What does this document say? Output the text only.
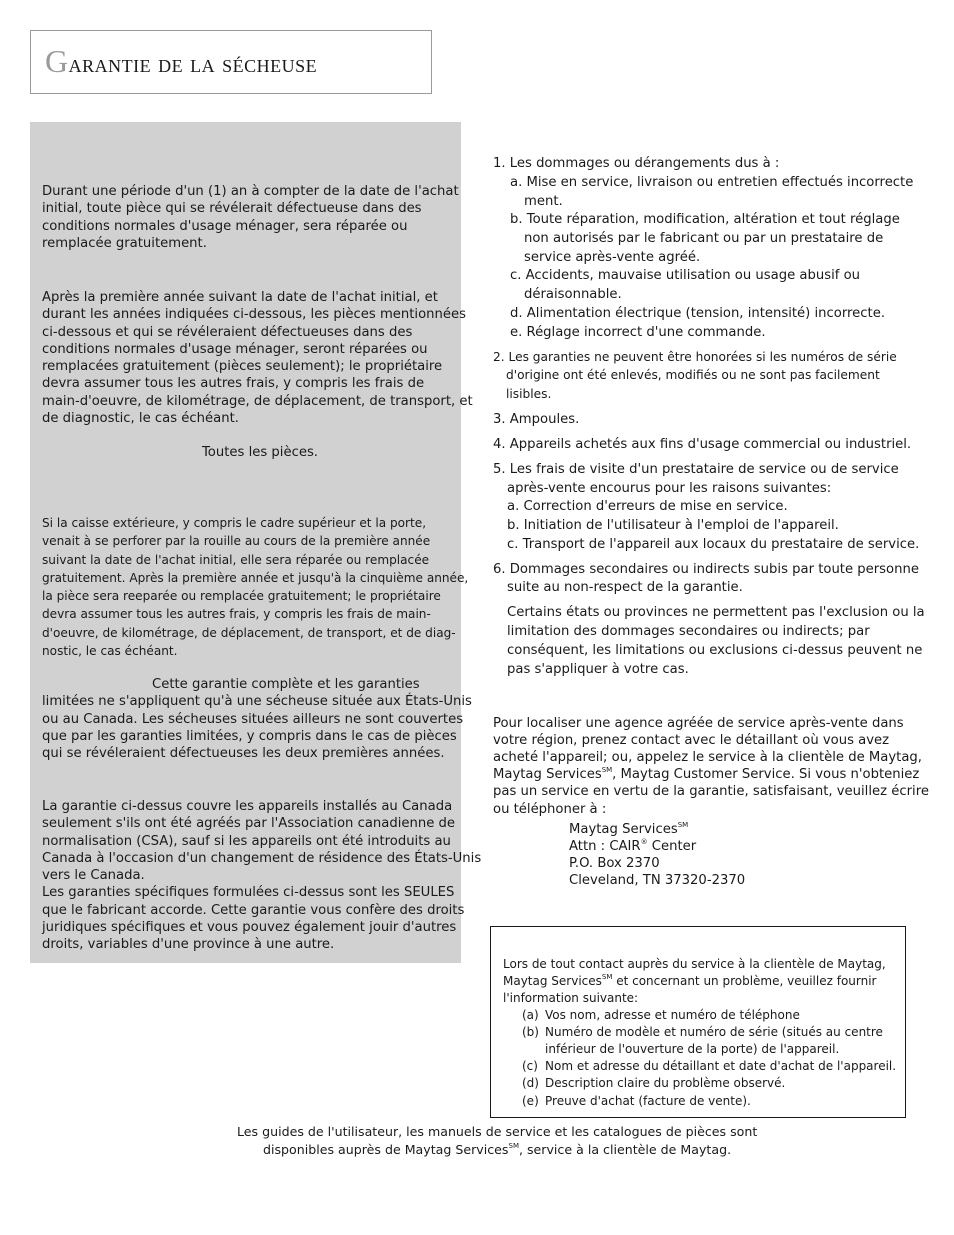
Garantie de la sécheuse

Durant une période d'un (1) an à compter de la date de l'achat
initial, toute pièce qui se révélerait défectueuse dans des
conditions normales d'usage ménager, sera réparée ou
remplacée gratuitement.

Après la première année suivant la date de l'achat initial, et
durant les années indiquées ci-dessous, les pièces mentionnées
ci-dessous et qui se révéleraient défectueuses dans des
conditions normales d'usage ménager, seront réparées ou
remplacées gratuitement (pièces seulement); le propriétaire
devra assumer tous les autres frais, y compris les frais de
main-d'oeuvre, de kilométrage, de déplacement, de transport, et
de diagnostic, le cas échéant.

Toutes les pièces.

Si la caisse extérieure, y compris le cadre supérieur et la porte,
venait à se perforer par la rouille au cours de la première année
suivant la date de l'achat initial, elle sera réparée ou remplacée
gratuitement. Après la première année et jusqu'à la cinquième année,
la pièce sera reeparée ou remplacée gratuitement; le propriétaire
devra assumer tous les autres frais, y compris les frais de main-
d'oeuvre, de kilométrage, de déplacement, de transport, et de diag-
nostic, le cas échéant.

Cette garantie complète et les garanties
limitées ne s'appliquent qu'à une sécheuse située aux États-Unis
ou au Canada. Les sécheuses situées ailleurs ne sont couvertes
que par les garanties limitées, y compris dans le cas de pièces
qui se révéleraient défectueuses les deux premières années.

La garantie ci-dessus couvre les appareils installés au Canada
seulement s'ils ont été agréés par l'Association canadienne de
normalisation (CSA), sauf si les appareils ont été introduits au
Canada à l'occasion d'un changement de résidence des États-Unis
vers le Canada.
Les garanties spécifiques formulées ci-dessus sont les SEULES
que le fabricant accorde. Cette garantie vous confère des droits
juridiques spécifiques et vous pouvez également jouir d'autres
droits, variables d'une province à une autre.

1. Les dommages ou dérangements dus à :

a. Mise en service, livraison ou entretien effectués incorrecte

ment.

b. Toute réparation, modification, altération et tout réglage

non autorisés par le fabricant ou par un prestataire de

service après-vente agréé.

c. Accidents, mauvaise utilisation ou usage abusif ou

déraisonnable.

d. Alimentation électrique (tension, intensité) incorrecte.

e. Réglage incorrect d'une commande.

2. Les garanties ne peuvent être honorées si les numéros de série

d'origine ont été enlevés, modifiés ou ne sont pas facilement

lisibles.

3. Ampoules.

4. Appareils achetés aux fins d'usage commercial ou industriel.

5. Les frais de visite d'un prestataire de service ou de service

après-vente encourus pour les raisons suivantes:

a. Correction d'erreurs de mise en service.

b. Initiation de l'utilisateur à l'emploi de l'appareil.

c. Transport de l'appareil aux locaux du prestataire de service.

6. Dommages secondaires ou indirects subis par toute personne

suite au non-respect de la garantie.

Certains états ou provinces ne permettent pas l'exclusion ou la

limitation des dommages secondaires ou indirects; par

conséquent, les limitations ou exclusions ci-dessus peuvent ne

pas s'appliquer à votre cas.

Pour localiser une agence agréée de service après-vente dans

votre région, prenez contact avec le détaillant où vous avez

acheté l'appareil; ou, appelez le service à la clientèle de Maytag,

Maytag Services℠, Maytag Customer Service. Si vous n'obteniez

pas un service en vertu de la garantie, satisfaisant, veuillez écrire

ou téléphoner à :

Maytag Services℠

Attn : CAIR® Center

P.O. Box 2370

Cleveland, TN 37320-2370

Lors de tout contact auprès du service à la clientèle de Maytag,

Maytag Services℠ et concernant un problème, veuillez fournir

l'information suivante:

(a) Vos nom, adresse et numéro de téléphone

(b) Numéro de modèle et numéro de série (situés au centre

inférieur de l'ouverture de la porte) de l'appareil.

(c) Nom et adresse du détaillant et date d'achat de l'appareil.

(d) Description claire du problème observé.

(e) Preuve d'achat (facture de vente).

Les guides de l'utilisateur, les manuels de service et les catalogues de pièces sont

disponibles auprès de Maytag Services℠, service à la clientèle de Maytag.
